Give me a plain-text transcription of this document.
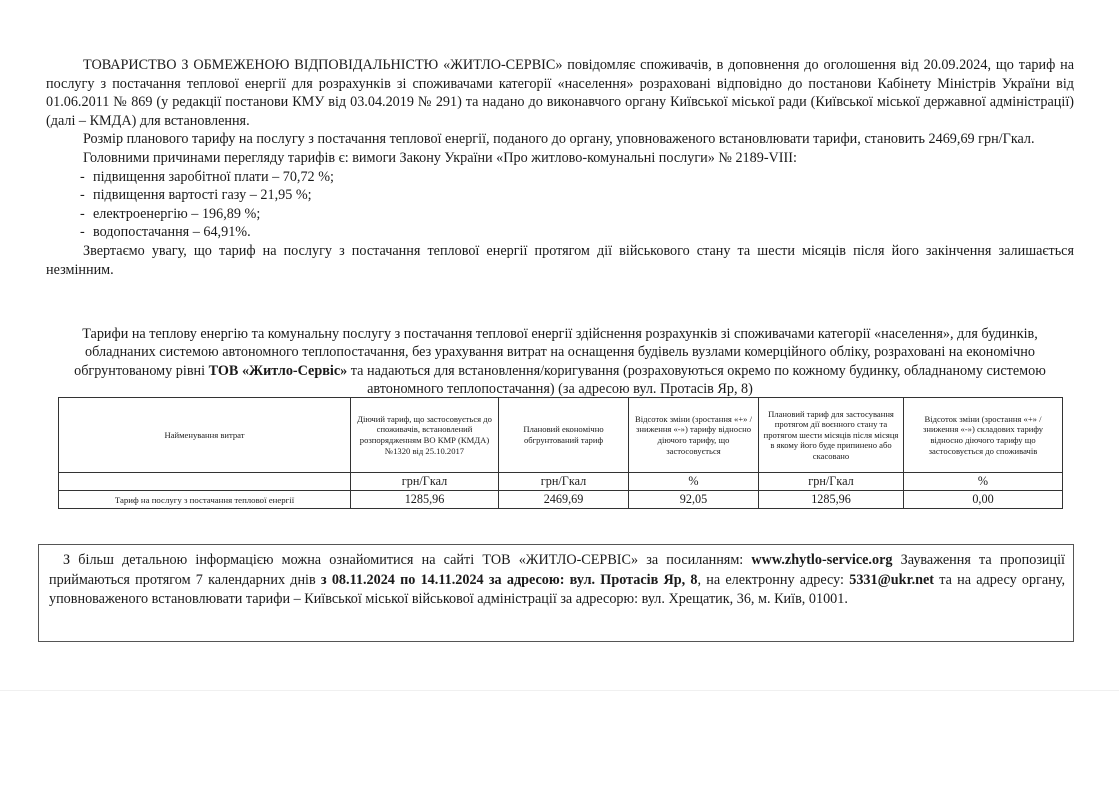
ТОВАРИСТВО З ОБМЕЖЕНОЮ ВІДПОВІДАЛЬНІСТЮ «ЖИТЛО-СЕРВІС» повідомляє споживачів, в доповнення до оголошення від 20.09.2024, що тариф на послугу з постачання теплової енергії для розрахунків зі споживачами категорії «населення» розраховані відповідно до постанови Кабінету Міністрів України від 01.06.2011 № 869 (у редакції постанови КМУ від 03.04.2019 № 291) та надано до виконавчого органу Київської міської ради (Київської міської державної адміністрації) (далі – КМДА) для встановлення.

Розмір планового тарифу на послугу з постачання теплової енергії, поданого до органу, уповноваженого встановлювати тарифи, становить 2469,69 грн/Гкал.

Головними причинами перегляду тарифів є: вимоги Закону України «Про житлово-комунальні послуги» № 2189-VIII:

- підвищення заробітної плати – 70,72 %;
- підвищення вартості газу – 21,95 %;
- електроенергію – 196,89 %;
- водопостачання – 64,91%.

Звертаємо увагу, що тариф на послугу з постачання теплової енергії протягом дії військового стану та шести місяців після його закінчення залишається незмінним.

Тарифи на теплову енергію та комунальну послугу з постачання теплової енергії здійснення розрахунків зі споживачами категорії «населення», для будинків, обладнаних системою автономного теплопостачання, без урахування витрат на оснащення будівель вузлами комерційного обліку, розраховані на економічно обгрунтованому рівні ТОВ «Житло-Сервіс» та надаються для встановлення/коригування (розраховуються окремо по кожному будинку, обладнаному системою автономного теплопостачання) (за адресою вул. Протасів Яр, 8)
Найменування витрат	Діючий тариф, що застосовується до споживачів, встановлений розпорядженням ВО КМР (КМДА) №1320 від 25.10.2017	Плановий економічно обгрунтований тариф	Відсоток зміни (зростання «+» / зниження «-») тарифу відносно діючого тарифу, що застосовується	Плановий тариф для застосування протягом дії воєнного стану та протягом шести місяців після місяця в якому його буде припинено або скасовано	Відсоток зміни (зростання «+» / зниження «-») складових тарифу відносно діючого тарифу що застосовується до споживачів
	грн/Гкал	грн/Гкал	%	грн/Гкал	%
Тариф на послугу з постачання теплової енергії	1285,96	2469,69	92,05	1285,96	0,00

З більш детальною інформацією можна ознайомитися на сайті ТОВ «ЖИТЛО-СЕРВІС» за посиланням: www.zhytlo-service.org Зауваження та пропозиції приймаються протягом 7 календарних днів з 08.11.2024 по 14.11.2024 за адресою: вул. Протасів Яр, 8, на електронну адресу: 5331@ukr.net та на адресу органу, уповноваженого встановлювати тарифи – Київської міської військової адміністрації за адресорю: вул. Хрещатик, 36, м. Київ, 01001.
